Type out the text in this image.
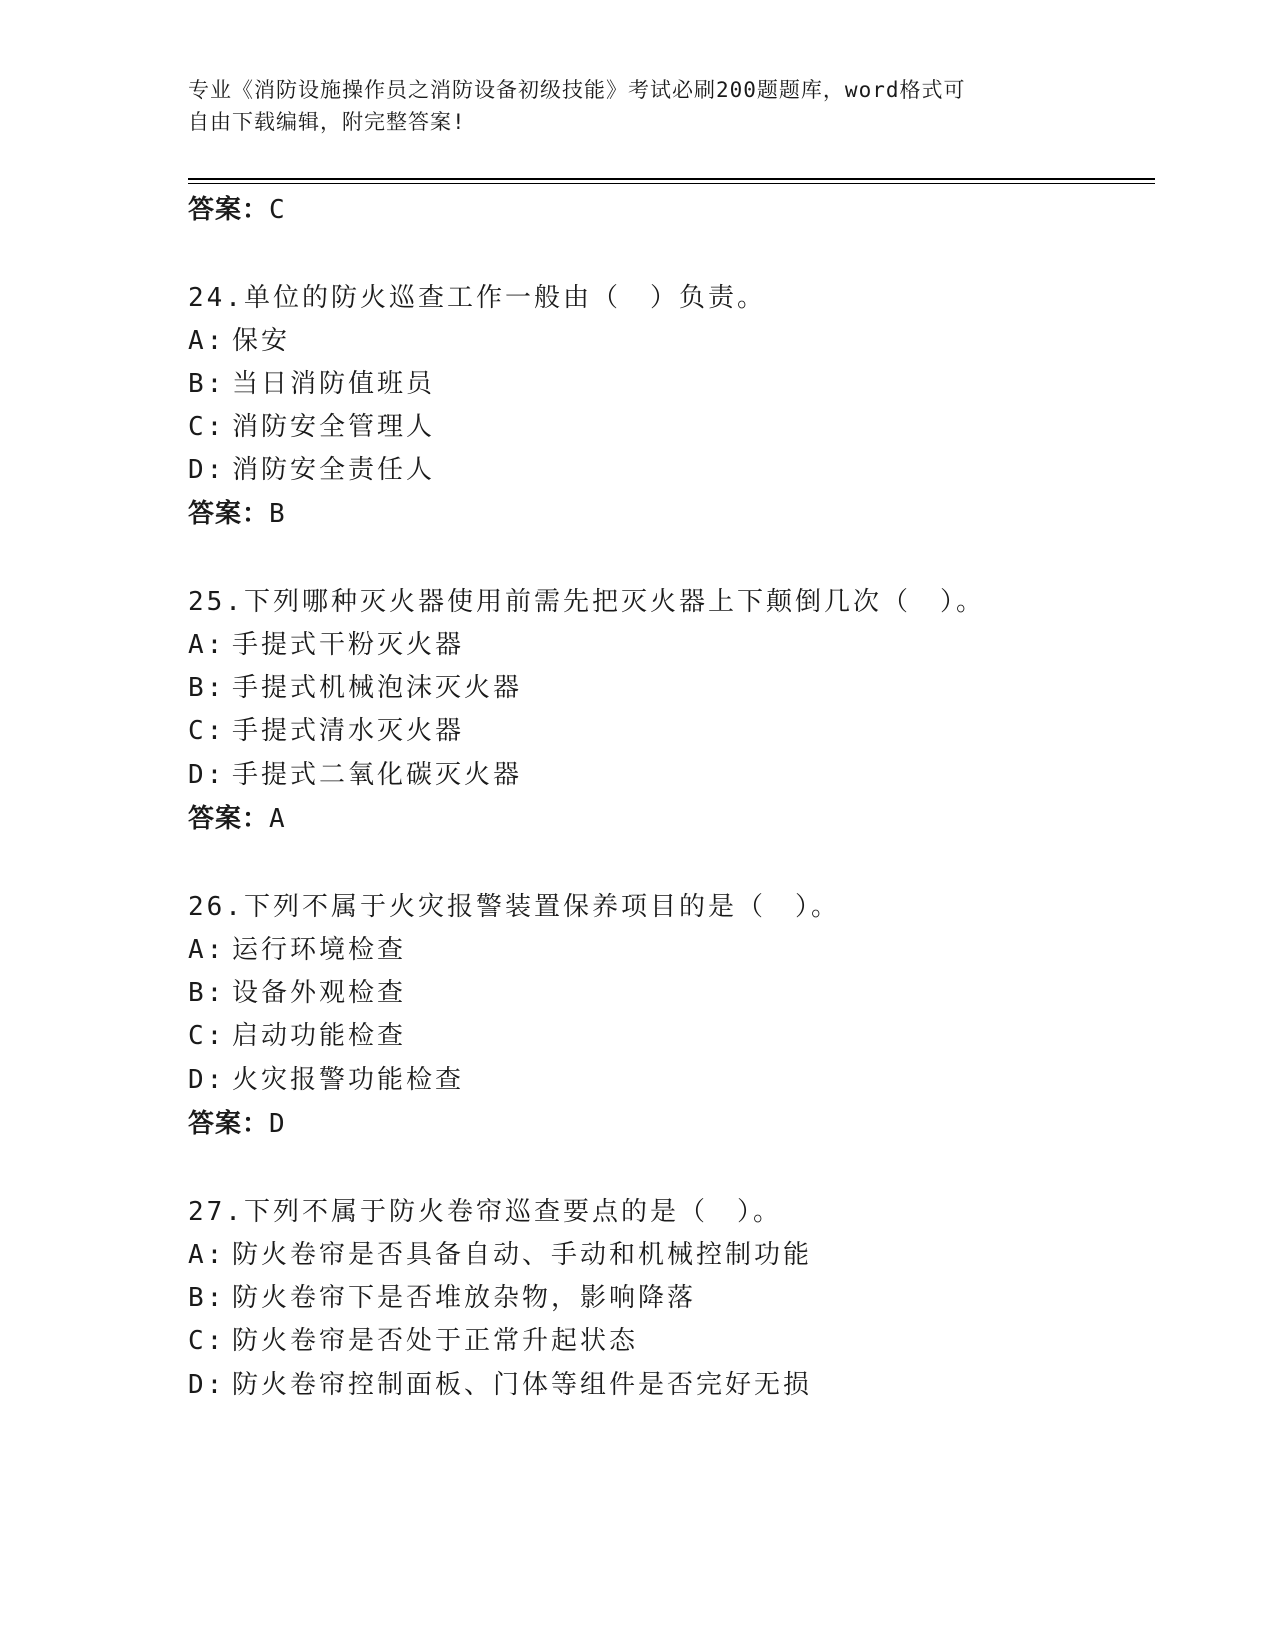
专业《消防设施操作员之消防设备初级技能》考试必刷200题题库，word格式可
自由下载编辑，附完整答案!
答案：C
24.单位的防火巡查工作一般由（　）负责。
A: 保安
B: 当日消防值班员
C: 消防安全管理人
D: 消防安全责任人
答案：B
25.下列哪种灭火器使用前需先把灭火器上下颠倒几次（　）。
A: 手提式干粉灭火器
B: 手提式机械泡沫灭火器
C: 手提式清水灭火器
D: 手提式二氧化碳灭火器
答案：A
26.下列不属于火灾报警装置保养项目的是（　）。
A: 运行环境检查
B: 设备外观检查
C: 启动功能检查
D: 火灾报警功能检查
答案：D
27.下列不属于防火卷帘巡查要点的是（　）。
A: 防火卷帘是否具备自动、手动和机械控制功能
B: 防火卷帘下是否堆放杂物，影响降落
C: 防火卷帘是否处于正常升起状态
D: 防火卷帘控制面板、门体等组件是否完好无损
